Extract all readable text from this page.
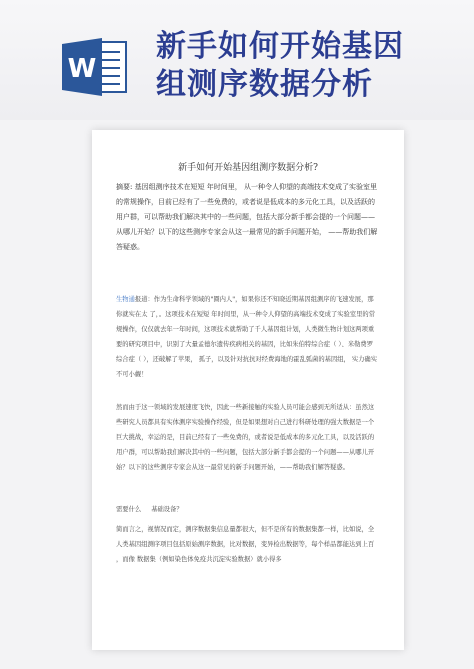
W
新手如何开始基因
组测序数据分析
新手如何开始基因组测序数据分析?
摘要: 基因组测序技术在短短 年时间里， 从一种令人仰望的高端技术变成了实验室里的常规操作，目前已经有了一些免费的，或者说是低成本的多元化工具，以及活跃的用户群，可以帮助我们解决其中的一些问题，包括大部分新手都会提的一个问题——从哪儿开始？以下的这些测序专家会从这一最常见的新手问题开始， ——帮助我们解答疑惑。
生物通报道：作为生命科学领域的"圈内人"，如果你还不知晓近期基因组测序的飞速发展，那你就实在太 了，。这项技术在短短 年时间里，从一种令人仰望的高端技术变成了实验室里的常规操作，仅仅就去年一年时间，这项技术就帮助了千人基因组计划，人类微生物计划这两项重要的研究项目中，识别了大量孟德尔遗传疾病相关的基因，比如朱伯特综合症（ ）、米勒费罗综合症（ ），还破解了苹果， 孤子，以及针对抗抗对经费海地的霍乱弧菌的基因组， 实力确实不可小觑！
然而由于这一领域的发展速度飞快，因此一些新接触的实验人员可能会感到无所适从：虽然这些研究人员都具有实体测序实验操作经验，但是如果想对自己进行科研处理的强大数据是一个巨大挑战，幸运的是，目前已经有了一些免费的，或者说是低成本的多元化工具，以及活跃的用户群，可以帮助我们解决其中的一些问题，包括大部分新手都会提的一个问题——从哪儿开始？以下的这些测序专家会从这一最常见的新手问题开始，——帮助我们解答疑惑。
需要什么 基础设备？
简而言之，视情况而定，测序数据集信息量都很大，但不是所有的数据集都一样，比如说，全人类基因组测序项目包括原始测序数据，比对数据，变异检出数据等，每个样品都能达到上百 ，而像 数据集（例如染色体免疫共沉淀实验数据）就小得多
